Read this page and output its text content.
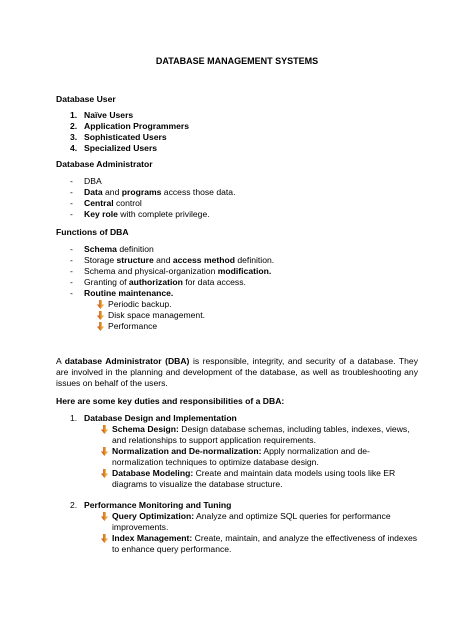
DATABASE MANAGEMENT SYSTEMS
Database User
1. Naïve Users
2. Application Programmers
3. Sophisticated Users
4. Specialized Users
Database Administrator
- DBA
- Data and programs access those data.
- Central control
- Key role with complete privilege.
Functions of DBA
- Schema definition
- Storage structure and access method definition.
- Schema and physical-organization modification.
- Granting of authorization for data access.
- Routine maintenance.
Periodic backup.
Disk space management.
Performance
A database Administrator (DBA) is responsible, integrity, and security of a database. They are involved in the planning and development of the database, as well as troubleshooting any issues on behalf of the users.
Here are some key duties and responsibilities of a DBA:
1. Database Design and Implementation
Schema Design: Design database schemas, including tables, indexes, views, and relationships to support application requirements.
Normalization and De-normalization: Apply normalization and de-normalization techniques to optimize database design.
Database Modeling: Create and maintain data models using tools like ER diagrams to visualize the database structure.
2. Performance Monitoring and Tuning
Query Optimization: Analyze and optimize SQL queries for performance improvements.
Index Management: Create, maintain, and analyze the effectiveness of indexes to enhance query performance.
